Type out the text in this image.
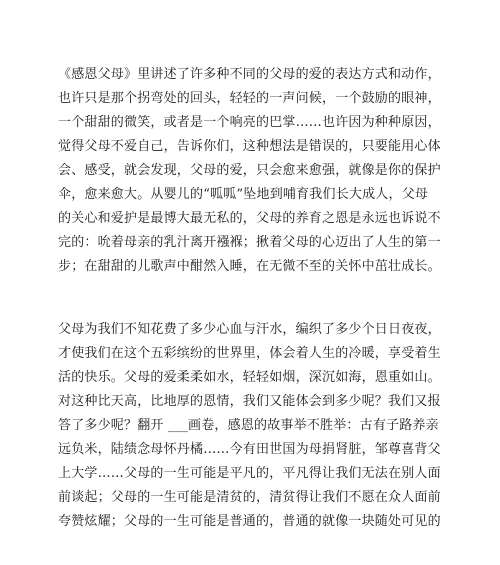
《感恩父母》里讲述了许多种不同的父母的爱的表达方式和动作，
也许只是那个拐弯处的回头，轻轻的一声问候，一个鼓励的眼神，
一个甜甜的微笑，或者是一个响亮的巴掌……也许因为种种原因，
觉得父母不爱自己，告诉你们，这种想法是错误的，只要能用心体
会、感受，就会发现，父母的爱，只会愈来愈强，就像是你的保护
伞，愈来愈大。从婴儿的“呱呱”坠地到哺育我们长大成人，父母
的关心和爱护是最博大最无私的，父母的养育之恩是永远也诉说不
完的：吮着母亲的乳汁离开襁褓；揪着父母的心迈出了人生的第一
步；在甜甜的儿歌声中酣然入睡，在无微不至的关怀中茁壮成长。
父母为我们不知花费了多少心血与汗水，编织了多少个日日夜夜，
才使我们在这个五彩缤纷的世界里，体会着人生的冷暖，享受着生
活的快乐。父母的爱柔柔如水，轻轻如烟，深沉如海，恩重如山。
对这种比天高，比地厚的恩情，我们又能体会到多少呢？我们又报
答了多少呢？翻开 ___画卷，感恩的故事举不胜举：古有子路养亲
远负米，陆绩念母怀丹橘……今有田世国为母捐肾脏，邹尊喜背父
上大学……父母的一生可能是平凡的，平凡得让我们无法在别人面
前谈起；父母的一生可能是清贫的，清贫得让我们不愿在众人面前
夸赞炫耀；父母的一生可能是普通的，普通的就像一块随处可见的
